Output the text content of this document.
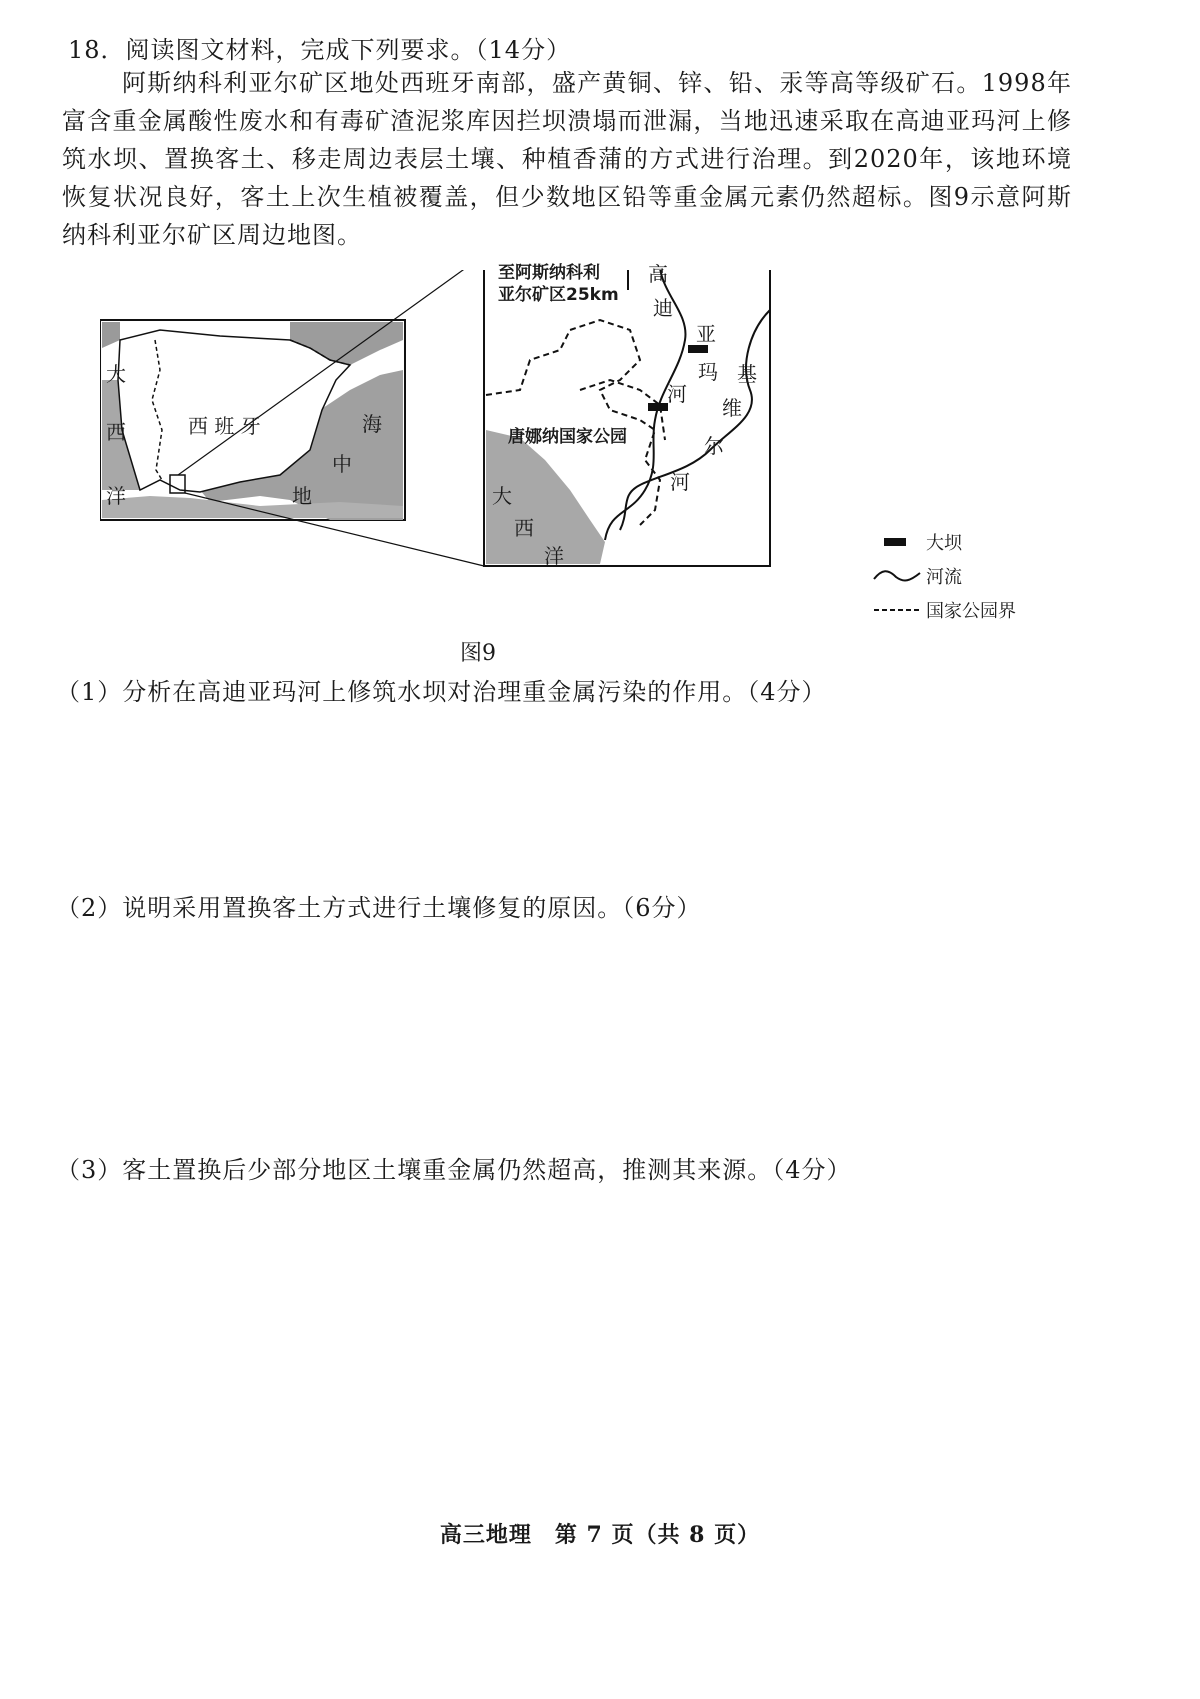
18．阅读图文材料，完成下列要求。（14分）
阿斯纳科利亚尔矿区地处西班牙南部，盛产黄铜、锌、铅、汞等高等级矿石。1998年富含重金属酸性废水和有毒矿渣泥浆库因拦坝溃塌而泄漏，当地迅速采取在高迪亚玛河上修筑水坝、置换客土、移走周边表层土壤、种植香蒲的方式进行治理。到2020年，该地环境恢复状况良好，客土上次生植被覆盖，但少数地区铅等重金属元素仍然超标。图9示意阿斯纳科利亚尔矿区周边地图。
大
西
洋
西 班 牙	海
中
地
至阿斯纳科利
亚尔矿区25km
高
迪
亚
玛
河
基
维
尔
河
唐娜纳国家公园
大
西
洋
大坝
河流
国家公园界
图9
（1）分析在高迪亚玛河上修筑水坝对治理重金属污染的作用。（4分）
（2）说明采用置换客土方式进行土壤修复的原因。（6分）
（3）客土置换后少部分地区土壤重金属仍然超高，推测其来源。（4分）
高三地理　第 7 页（共 8 页）
